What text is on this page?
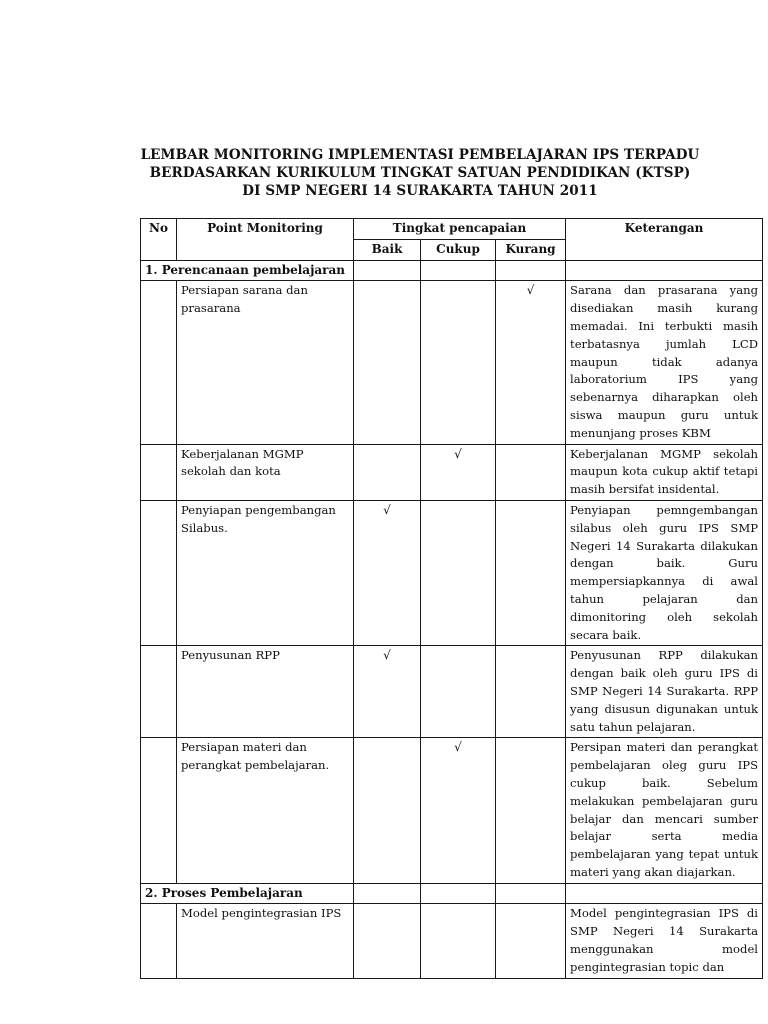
LEMBAR MONITORING IMPLEMENTASI PEMBELAJARAN IPS TERPADU
BERDASARKAN KURIKULUM TINGKAT SATUAN PENDIDIKAN (KTSP)
DI SMP NEGERI 14 SURAKARTA TAHUN 2011
No	Point Monitoring	Tingkat pencapaian			Keterangan
		Baik	Cukup	Kurang	
1. Perencanaan pembelajaran					
	Persiapan sarana dan prasarana			√	Sarana dan prasarana yang disediakan masih kurang memadai. Ini terbukti masih terbatasnya jumlah LCD maupun tidak adanya laboratorium IPS yang sebenarnya diharapkan oleh siswa maupun guru untuk menunjang proses KBM
	Keberjalanan MGMP sekolah dan kota		√		Keberjalanan MGMP sekolah maupun kota cukup aktif tetapi masih bersifat insidental.
	Penyiapan pengembangan Silabus.	√			Penyiapan pemngembangan silabus oleh guru IPS SMP Negeri 14 Surakarta dilakukan dengan baik. Guru mempersiapkannya di awal tahun pelajaran dan dimonitoring oleh sekolah secara baik.
	Penyusunan RPP	√			Penyusunan RPP dilakukan dengan baik oleh guru IPS di SMP Negeri 14 Surakarta. RPP yang disusun digunakan untuk satu tahun pelajaran.
	Persiapan materi dan perangkat pembelajaran.		√		Persipan materi dan perangkat pembelajaran oleg guru IPS cukup baik. Sebelum melakukan pembelajaran guru belajar dan mencari sumber belajar serta media pembelajaran yang tepat untuk materi yang akan diajarkan.
2. Proses Pembelajaran					
	Model pengintegrasian IPS				Model pengintegrasian IPS di SMP Negeri 14 Surakarta menggunakan model pengintegrasian topic dan
